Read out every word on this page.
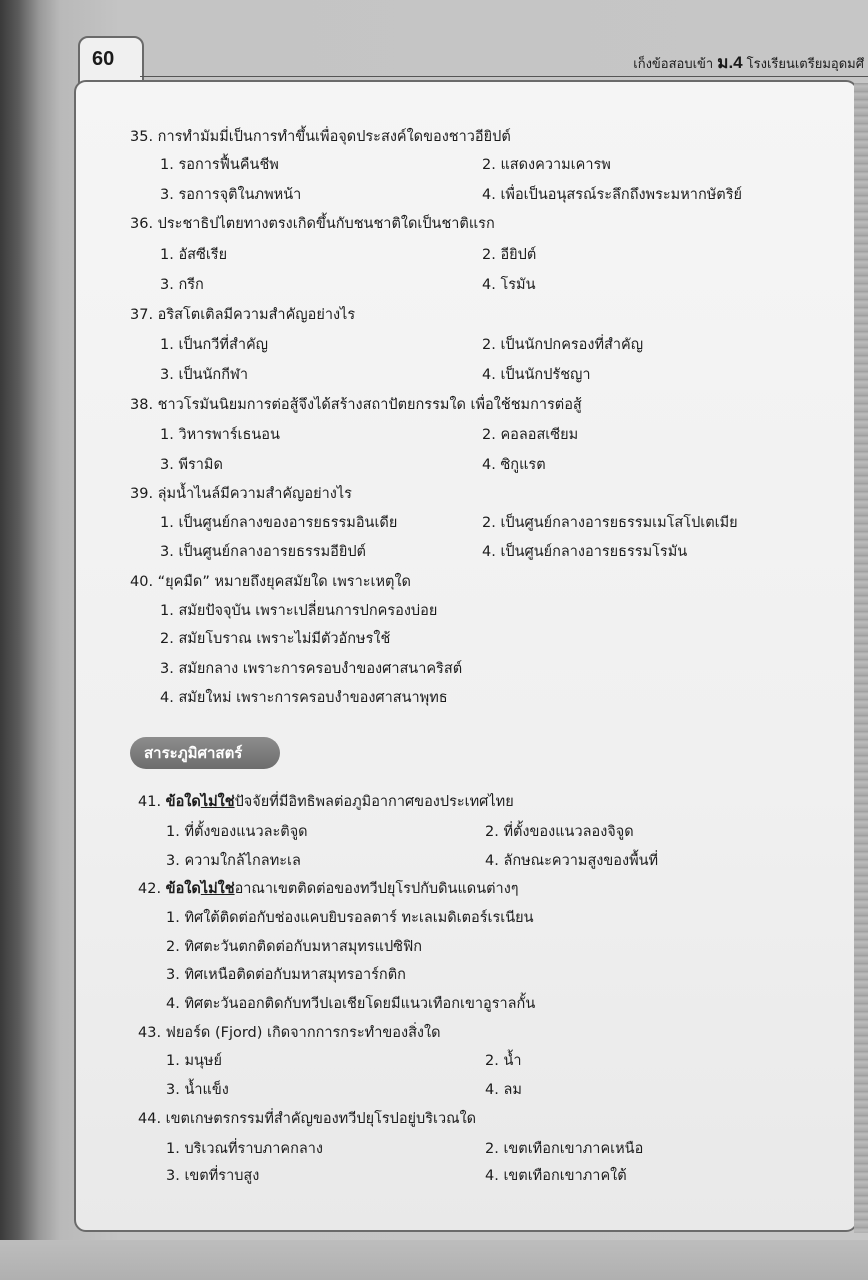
60	เก็งข้อสอบเข้า ม.4 โรงเรียนเตรียมอุดมศึ
35. การทำมัมมี่เป็นการทำขึ้นเพื่อจุดประสงค์ใดของชาวอียิปต์
1. รอการฟื้นคืนชีพ	2. แสดงความเคารพ
3. รอการจุติในภพหน้า	4. เพื่อเป็นอนุสรณ์ระลึกถึงพระมหากษัตริย์
36. ประชาธิปไตยทางตรงเกิดขึ้นกับชนชาติใดเป็นชาติแรก
1. อัสซีเรีย	2. อียิปต์
3. กรีก	4. โรมัน
37. อริสโตเติลมีความสำคัญอย่างไร
1. เป็นกวีที่สำคัญ	2. เป็นนักปกครองที่สำคัญ
3. เป็นนักกีฬา	4. เป็นนักปรัชญา
38. ชาวโรมันนิยมการต่อสู้จึงได้สร้างสถาปัตยกรรมใด เพื่อใช้ชมการต่อสู้
1. วิหารพาร์เธนอน	2. คอลอสเซียม
3. พีรามิด	4. ซิกูแรต
39. ลุ่มน้ำไนล์มีความสำคัญอย่างไร
1. เป็นศูนย์กลางของอารยธรรมอินเดีย	2. เป็นศูนย์กลางอารยธรรมเมโสโปเตเมีย
3. เป็นศูนย์กลางอารยธรรมอียิปต์	4. เป็นศูนย์กลางอารยธรรมโรมัน
40. “ยุคมืด” หมายถึงยุคสมัยใด เพราะเหตุใด
1. สมัยปัจจุบัน เพราะเปลี่ยนการปกครองบ่อย
2. สมัยโบราณ เพราะไม่มีตัวอักษรใช้
3. สมัยกลาง เพราะการครอบงำของศาสนาคริสต์
4. สมัยใหม่ เพราะการครอบงำของศาสนาพุทธ
สาระภูมิศาสตร์
41. ข้อใดไม่ใช่ปัจจัยที่มีอิทธิพลต่อภูมิอากาศของประเทศไทย
1. ที่ตั้งของแนวละติจูด	2. ที่ตั้งของแนวลองจิจูด
3. ความใกล้ไกลทะเล	4. ลักษณะความสูงของพื้นที่
42. ข้อใดไม่ใช่อาณาเขตติดต่อของทวีปยุโรปกับดินแดนต่างๆ
1. ทิศใต้ติดต่อกับช่องแคบยิบรอลตาร์ ทะเลเมดิเตอร์เรเนียน
2. ทิศตะวันตกติดต่อกับมหาสมุทรแปซิฟิก
3. ทิศเหนือติดต่อกับมหาสมุทรอาร์กติก
4. ทิศตะวันออกติดกับทวีปเอเชียโดยมีแนวเทือกเขาอูราลกั้น
43. ฟยอร์ด (Fjord) เกิดจากการกระทำของสิ่งใด
1. มนุษย์	2. น้ำ
3. น้ำแข็ง	4. ลม
44. เขตเกษตรกรรมที่สำคัญของทวีปยุโรปอยู่บริเวณใด
1. บริเวณที่ราบภาคกลาง	2. เขตเทือกเขาภาคเหนือ
3. เขตที่ราบสูง	4. เขตเทือกเขาภาคใต้
